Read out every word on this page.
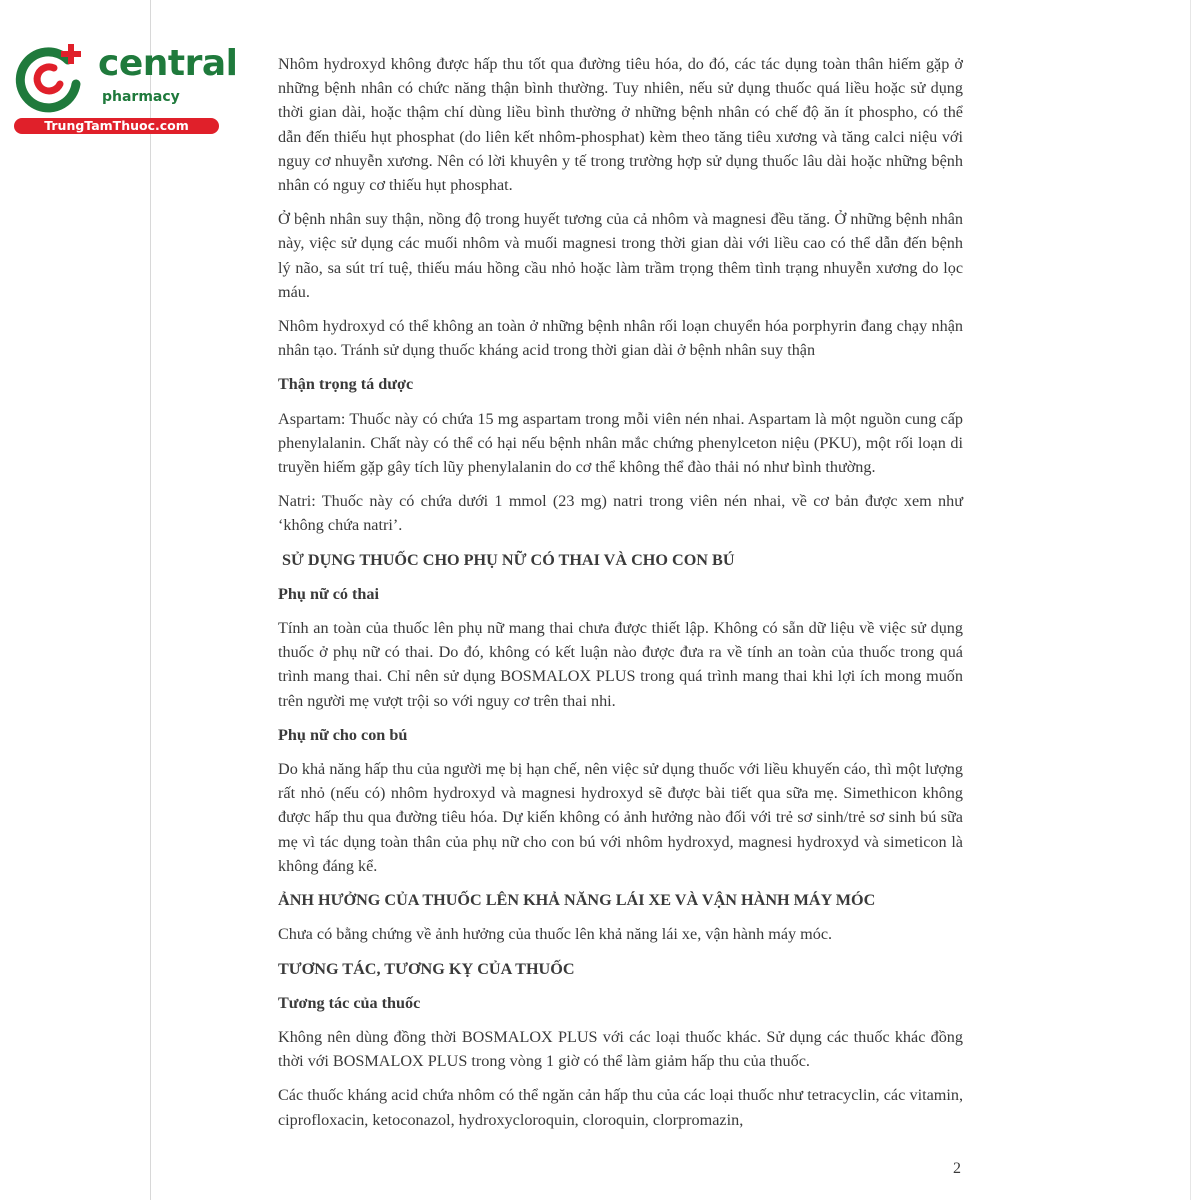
central
pharmacy
TrungTamThuoc.com

Nhôm hydroxyd không được hấp thu tốt qua đường tiêu hóa, do đó, các tác dụng toàn thân hiếm gặp ở những bệnh nhân có chức năng thận bình thường. Tuy nhiên, nếu sử dụng thuốc quá liều hoặc sử dụng thời gian dài, hoặc thậm chí dùng liều bình thường ở những bệnh nhân có chế độ ăn ít phospho, có thể dẫn đến thiếu hụt phosphat (do liên kết nhôm-phosphat) kèm theo tăng tiêu xương và tăng calci niệu với nguy cơ nhuyễn xương. Nên có lời khuyên y tế trong trường hợp sử dụng thuốc lâu dài hoặc những bệnh nhân có nguy cơ thiếu hụt phosphat.

Ở bệnh nhân suy thận, nồng độ trong huyết tương của cả nhôm và magnesi đều tăng. Ở những bệnh nhân này, việc sử dụng các muối nhôm và muối magnesi trong thời gian dài với liều cao có thể dẫn đến bệnh lý não, sa sút trí tuệ, thiếu máu hồng cầu nhỏ hoặc làm trầm trọng thêm tình trạng nhuyễn xương do lọc máu.

Nhôm hydroxyd có thể không an toàn ở những bệnh nhân rối loạn chuyển hóa porphyrin đang chạy nhận nhân tạo. Tránh sử dụng thuốc kháng acid trong thời gian dài ở bệnh nhân suy thận

Thận trọng tá dược

Aspartam: Thuốc này có chứa 15 mg aspartam trong mỗi viên nén nhai. Aspartam là một nguồn cung cấp phenylalanin. Chất này có thể có hại nếu bệnh nhân mắc chứng phenylceton niệu (PKU), một rối loạn di truyền hiếm gặp gây tích lũy phenylalanin do cơ thể không thể đào thải nó như bình thường.

Natri: Thuốc này có chứa dưới 1 mmol (23 mg) natri trong viên nén nhai, về cơ bản được xem như ‘không chứa natri’.

SỬ DỤNG THUỐC CHO PHỤ NỮ CÓ THAI VÀ CHO CON BÚ

Phụ nữ có thai

Tính an toàn của thuốc lên phụ nữ mang thai chưa được thiết lập. Không có sẵn dữ liệu về việc sử dụng thuốc ở phụ nữ có thai. Do đó, không có kết luận nào được đưa ra về tính an toàn của thuốc trong quá trình mang thai. Chỉ nên sử dụng BOSMALOX PLUS trong quá trình mang thai khi lợi ích mong muốn trên người mẹ vượt trội so với nguy cơ trên thai nhi.

Phụ nữ cho con bú

Do khả năng hấp thu của người mẹ bị hạn chế, nên việc sử dụng thuốc với liều khuyến cáo, thì một lượng rất nhỏ (nếu có) nhôm hydroxyd và magnesi hydroxyd sẽ được bài tiết qua sữa mẹ. Simethicon không được hấp thu qua đường tiêu hóa. Dự kiến không có ảnh hưởng nào đối với trẻ sơ sinh/trẻ sơ sinh bú sữa mẹ vì tác dụng toàn thân của phụ nữ cho con bú với nhôm hydroxyd, magnesi hydroxyd và simeticon là không đáng kể.

ẢNH HƯỞNG CỦA THUỐC LÊN KHẢ NĂNG LÁI XE VÀ VẬN HÀNH MÁY MÓC

Chưa có bằng chứng về ảnh hưởng của thuốc lên khả năng lái xe, vận hành máy móc.

TƯƠNG TÁC, TƯƠNG KỴ CỦA THUỐC

Tương tác của thuốc

Không nên dùng đồng thời BOSMALOX PLUS với các loại thuốc khác. Sử dụng các thuốc khác đồng thời với BOSMALOX PLUS trong vòng 1 giờ có thể làm giảm hấp thu của thuốc.

Các thuốc kháng acid chứa nhôm có thể ngăn cản hấp thu của các loại thuốc như tetracyclin, các vitamin, ciprofloxacin, ketoconazol, hydroxycloroquin, cloroquin, clorpromazin,

2
